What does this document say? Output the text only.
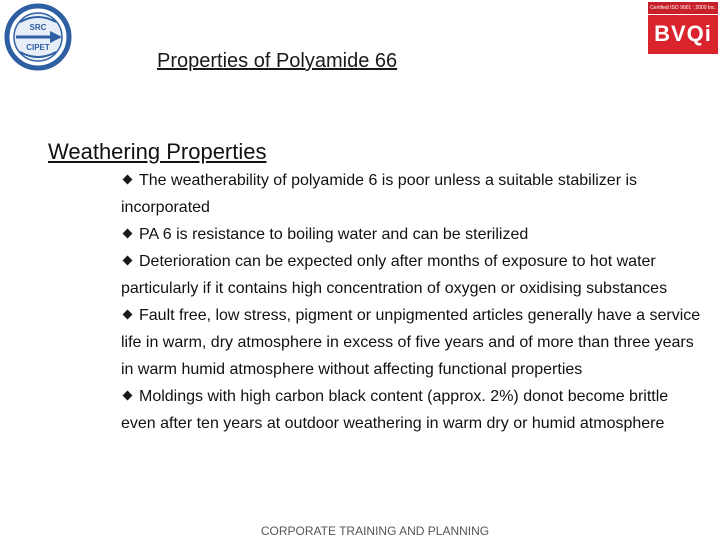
SRC
CIPET
Certified ISO 9001 : 2000 Inc.
BVQi
Properties of Polyamide 66
Weathering Properties
The weatherability of polyamide 6 is poor unless a suitable stabilizer is incorporated
PA 6 is resistance to boiling water and can be sterilized
Deterioration can be expected only after months of exposure to hot water particularly if it contains high concentration of oxygen or oxidising substances
Fault free, low stress, pigment or unpigmented articles generally have a service life in warm, dry atmosphere in excess of five years and of more than three years in warm humid atmosphere without affecting functional properties
Moldings with high carbon black content (approx. 2%) donot become brittle even after ten years at outdoor weathering in warm dry or humid atmosphere
CORPORATE TRAINING AND PLANNING
